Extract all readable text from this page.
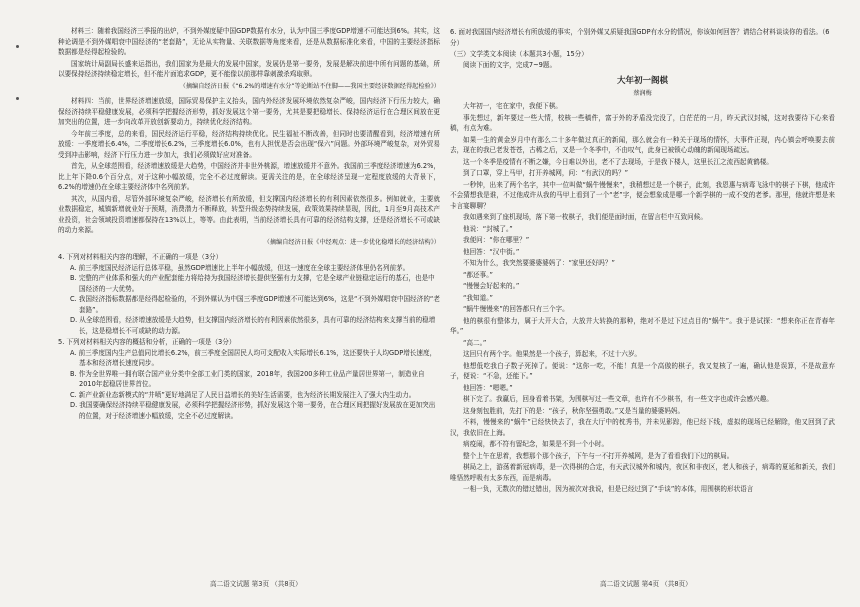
材料三：随着我国经济三季报的出炉，不到外媒度疑中国GDP数据有水分，认为中国三季度GDP增速不可能达到6%。其实，这种论调是不到外媒唱衰中国经济的“老套路”，无论从实物量、关联数据等角度来看，还是从数据标准化来看，中国的主要经济指标数据都是经得起检验的。

国家统计局副局长盛来运指出，我们国家为是最大的发展中国家，发展仍是第一要务，发展是解决前进中所有问题的基础，所以要保持经济持续稳定增长，但不能片面追求GDP，更不能像以前那样靠刺激杀鸡取卵。

（摘编自经济日报《“6.2%的增速有水分”等论断站不住脚——我国主要经济数据经得起检验》）

材料四：当前，世界经济增速放缓，国际贸易保护主义抬头，国内外经济发展环境依然复杂严峻，国内经济下行压力较大，确保经济持续平稳健康发展，必须科学把握经济形势，抓好发展这个第一要务，尤其是要把稳增长、保持经济运行在合理区间放在更加突出的位置，进一步向改革开放创新要动力，持续优化经济结构。

今年前三季度，总的来看，国民经济运行平稳，经济结构持续优化。民生福祉不断改善，但同时也要清醒看到，经济增速有所放缓：一季度增长6.4%，二季度增长6.2%，三季度增长6.0%，也有人担忧是否会出现“保六”问题。外部环境严峻复杂，对外贸易受到冲击影响，经济下行压力进一步加大，我们必须做好应对准备。

首先，从全球范围看，经济增速放缓是大趋势，中国经济并非世外桃源，增速放缓并不意外。我国前三季度经济增速为6.2%，比上年下降0.6个百分点，对于这种小幅放缓，完全不必过度解读。更需关注的是，在全球经济呈现一定程度放缓的大背景下，6.2%的增速仍在全球主要经济体中名列前茅。

其次，从国内看，尽管外部环境复杂严峻，经济增长有所放缓，但支撑国内经济增长的有利因素依然很多。例如就业，主要就业数据稳定，城镇新增就业好于预期，消费潜力不断释放，转型升级态势持续发展，政策效果持续显现，因此，1月至9月高技术产业投资，社会领域投资增速都保持在13%以上，等等。由此表明，当前经济增长具有可靠的经济结构支撑，还是经济增长不可或缺的动力来源。

（摘编自经济日报《中经观点：进一步优化稳增长的经济结构》）

4. 下列对材料相关内容的理解，不正确的一项是（3分）

A. 前三季度国民经济运行总体平稳，虽然GDP增速比上半年小幅放缓，但这一速度在全球主要经济体里仍名列前茅。

B. 完整的产业体系和强大的产业配套能力将给持为我国经济增长提供坚强有力支撑，它是全球产业链稳定运行的基石，也是中国经济的一大优势。

C. 我国经济指标数据都是经得起检验的，不到外媒认为中国三季度GDP增速不可能达到6%，这是“不到外媒唱衰中国经济的“老套路”。

D. 从全球范围看，经济增速放缓是大趋势，但支撑国内经济增长的有利因素依然很多，具有可靠的经济结构来支撑当前的稳增长，这是稳增长不可或缺的动力源。

5. 下列对材料相关内容的概括和分析，正确的一项是（3分）

A. 前三季度国内生产总值同比增长6.2%，前三季度全国居民人均可支配收入实际增长6.1%，这还要快于人均GDP增长速度，基本和经济增长速度同步。

B. 作为全世界唯一拥有联合国产业分类中全部工业门类的国家，2018年，我国200多种工业品产量居世界第一，制造业自2010年起稳居世界首位。

C. 新产业新业态新模式的“井喷”更好地满足了人民日益增长的美好生活需要，也为经济长期发展注入了强大内生动力。

D. 我国要确保经济持续平稳健康发展，必须科学把握经济形势，抓好发展这个第一要务，在合理区间把握好发展放在更加突出的位置，对于经济增速小幅放缓，完全不必过度解读。

6. 面对我国国内经济增长有所放缓的事实，个别外媒又质疑我国GDP有水分的情况，你该如何回答？请结合材料谈谈你的看法。（6分）

（三）文学类文本阅读（本题共3小题，15分）

阅读下面的文字，完成7~9题。

大年初一阁棋
蔡润梅

大年初一，宅在家中，我便下棋。

事先想过，新年要过一些大情，校核一些稿件，富于外的矛盾没完没了，白茫茫的一月，昨天武汉封城，这对我要待下心来看稿，有点为难。

如果一生的黄金岁月中有那么二十多年做过真正的新闻，那么就会有一种关于现场的情怀，大事件正现，内心镇会呼唤要去前去，现在的我已老发苍苍，古稀之后，又是一个冬季中，不由叹气，此身已被锁心动魄的新闻现场疏远。

这一个冬季是疫情有不断之嫌，今日难以外出，老不了去现场，于是我下楼人，这里长江之流西起黄鹤楼。

到了口罩，穿上马甲，打开养城网，问：“有武汉的吗？”

一秒钟，出来了两个名字，其中一位叫做“蜗牛慢慢来”，我稍想过是一个棋子，此刻，我恩惠与病毒飞泳中的棋子下棋，他成许不会猜想我是谁，不过他成许从我的马甲上看到了一个“老”字，便会想象成是哪一个新学棋的一成不变的老爹。那里，他就许想是来卡言宴聊聊？

我如遇来到了座机现场，落下第一枚棋子，我们便是面时面，在留言栏中互致问候。

他说：“封城了。”

我便问：“你在哪里？”

他回答：“汉中街。”

不知为什么，我突然要婆婆婆妈了：“家里还好吗？”

“都还事。”

“慢慢会好起来的。”

“我知道。”

“蜗牛慢慢来”的回答都只有三个字。

他的棋很有整体力，属于大开大合，大放井大转换的那种，绝对不是过下过点目的“蜗牛”。我于是试探：“想来你正在青春年华。”

“高二。”

这回只有两个字。他果然是一个孩子，算起来，不过十六岁。

他想低吃我白子数子死掉了。便说：“这你一吃，不能！真是一个高傲的棋子，我又复核了一遍，确认他是误算，不是故意弃子，便说：“不急，还能下。”

他回答：“嗯嗯。”

棋下完了。我赢后，回身看着书架，为围棋写过一些文章，也许有不少棋书，有一些文字也或许会感兴趣。

这身刻包胜前，先打下的是：“孩子，秋你坚强勇敢。”又是当量的婆婆妈妈。

不料，慢慢来的“蜗牛”已经快快去了，我在大厅中的枕秀书，并未见影踪，他已经下线，虚拟的现场已经解除，他又回到了武汉，我依旧在上海。

病疫闹，都不符有留纪念，如果是不到一个小时。

整个上午在思着，我想那个那个孩子，下午与一不打开养城网，是为了看看我们下过的棋局。

棋局之上，游荡着新冠病毒，是一次得棋的合定，有天武汉城外和城内，夜区和非夜区，老人和孩子，病毒的夏延和新关，我们唯悟然呼吸有太多东西，而是病毒。

一相一负，无数次的错过错出，因为被次对我说，但是已经过到了“手谈”的本体，用围棋的形状语言

高二语文试题 第3页 （共8页）	高二语文试题 第4页 （共8页）
